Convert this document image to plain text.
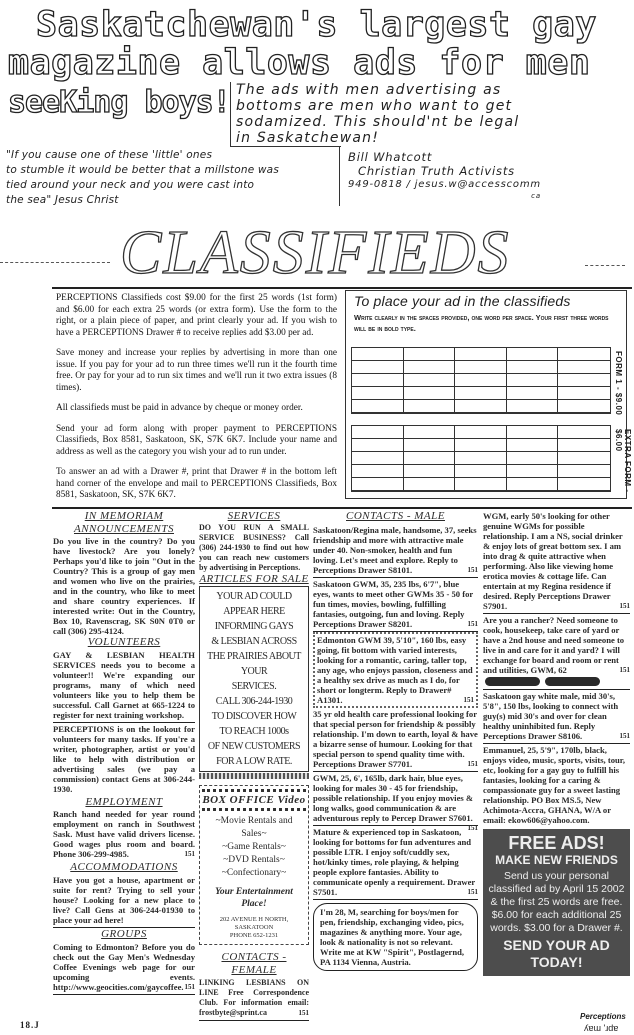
Saskatchewan's largest gay
magazine allows ads for men
seeKing boys! The ads with men advertising as
bottoms are men who want to get
sodamized. This should'nt be legal
in Saskatchewan!
"If you cause one of these 'little' ones
to stumble it would be better that a millstone was
tied around your neck and you were cast into
the sea" Jesus Christ
Bill Whatcott
Christian Truth Activists
949-0818 / jesus.w@accesscomm
ca
CLASSIFIEDS

PERCEPTIONS Classifieds cost $9.00 for the first 25 words (1st form) and $6.00 for each extra 25 words (or extra form). Use the form to the right, or a plain piece of paper, and print clearly your ad. If you wish to have a PERCEPTIONS Drawer # to receive replies add $3.00 per ad.

Save money and increase your replies by advertising in more than one issue. If you pay for your ad to run three times we'll run it the fourth time free. Or pay for your ad to run six times and we'll run it two extra issues (8 times).

All classifieds must be paid in advance by cheque or money order.

Send your ad form along with proper payment to PERCEPTIONS Classifieds, Box 8581, Saskatoon, SK, S7K 6K7. Include your name and address as well as the category you wish your ad to run under.

To answer an ad with a Drawer #, print that Drawer # in the bottom left hand corner of the envelope and mail to PERCEPTIONS Classifieds, Box 8581, Saskatoon, SK, S7K 6K7.

To place your ad in the classifieds
Write clearly in the spaces provided, one word per space. Your first three words will be in bold type.
FORM 1 - $9.00
EXTRA FORM - $6.00
IN MEMORIAM
ANNOUNCEMENTS

Do you live in the country? Do you have livestock? Are you lonely? Perhaps you'd like to join "Out in the Country? This is a group of gay men and women who live on the prairies, and in the country, who like to meet and share country experiences. If interested write: Out in the Country, Box 10, Ravenscrag, SK S0N 0T0 or call (306) 295-4124.

VOLUNTEERS

GAY & LESBIAN HEALTH SERVICES needs you to become a volunteer!! We're expanding our programs, many of which need volunteers like you to help them be successful. Call Garnet at 665-1224 to register for next training workshop.

PERCEPTIONS is on the lookout for volunteers for many tasks. If you're a writer, photographer, artist or you'd like to help with distribution or advertising sales (we pay a commission) contact Gens at 306-244-1930.

EMPLOYMENT

Ranch hand needed for year round employment on ranch in Southwest Sask. Must have valid drivers license. Good wages plus room and board. Phone 306-299-4985.	151

ACCOMMODATIONS

Have you got a house, apartment or suite for rent? Trying to sell your house? Looking for a new place to live? Call Gens at 306-244-01930 to place your ad here!

GROUPS

Coming to Edmonton? Before you do check out the Gay Men's Wednesday Coffee Evenings web page for our upcoming events. http://www.geocities.com/gaycoffee. 151

SERVICES

DO YOU RUN A SMALL SERVICE BUSINESS? Call (306) 244-1930 to find out how you can reach new customers by advertising in Perceptions.

ARTICLES FOR SALE
YOUR AD COULD
APPEAR HERE
INFORMING GAYS
& LESBIAN ACROSS
THE PRAIRIES ABOUT
YOUR
SERVICES.
CALL 306-244-1930
TO DISCOVER HOW
TO REACH 1000s
OF NEW CUSTOMERS
FOR A LOW RATE.
BOX OFFICE Video
~Movie Rentals and Sales~
~Game Rentals~
~DVD Rentals~
~Confectionary~
Your Entertainment Place!
202 AVENUE H NORTH, SASKATOON
PHONE 652-1231
CONTACTS - FEMALE

LINKING LESBIANS ON LINE Free Correspondence Club. For information email: frostbyte@sprint.ca	151

CONTACTS - MALE
Saskatoon/Regina male, handsome, 37, seeks friendship and more with attractive male under 40. Non-smoker, health and fun loving. Let's meet and explore. Reply to Perceptions Drawer S8101.	151
Saskatoon GWM, 35, 235 lbs, 6'7", blue eyes, wants to meet other GWMs 35 - 50 for fun times, movies, bowling, fulfilling fantasies, outgoing, fun and loving. Reply Perceptions Drawer S8201.	151
Edmonton GWM 39, 5'10", 160 lbs, easy going, fit bottom with varied interests, looking for a romantic, caring, taller top, any age, who enjoys passion, closeness and a healthy sex drive as much as I do, for short or longterm. Reply to Drawer# A1301.	151
35 yr old health care professional looking for that special person for friendship & possibly relationship. I'm down to earth, loyal & have a bizarre sense of humour. Looking for that special person to spend quality time with. Perceptions Drawer S7701.	151
GWM, 25, 6', 165lb, dark hair, blue eyes, looking for males 30 - 45 for friendship, possible relationship. If you enjoy movies & long walks, good communication & are adventurous reply to Percep Drawer S7601.
151
Mature & experienced top in Saskatoon, looking for bottoms for fun adventures and possible LTR. I enjoy soft/cuddly sex, hot/kinky times, role playing, & helping people explore fantasies. Ability to communicate openly a requirement. Drawer S7501.	151
I'm 28, M, searching for boys/men for pen, friendship, exchanging video, pics, magazines & anything more. Your age, look & nationality is not so relevant. Write me at KW "Spirit", Postlagernd, PA 1134 Vienna, Austria.
WGM, early 50's looking for other genuine WGMs for possible relationship. I am a NS, social drinker & enjoy lots of great bottom sex. I am into drag & quite attractive when performing. Also like viewing home erotica movies & cottage life. Can entertain at my Regina residence if desired. Reply Perceptions Drawer S7901.	151
Are you a rancher? Need someone to cook, housekeep, take care of yard or have a 2nd house and need someone to live in and care for it and yard? I will exchange for board and room or rent and utilities, GWM, 62	151
Saskatoon gay white male, mid 30's, 5'8", 150 lbs, looking to connect with guy(s) mid 30's and over for clean healthy uninhibited fun. Reply Perceptions Drawer S8106.	151
Emmanuel, 25, 5'9", 170lb, black, enjoys video, music, sports, visits, tour, etc, looking for a gay guy to fulfill his fantasies, looking for a caring & compassionate guy for a sweet lasting relationship. PO Box MS.5, New Achimota-Accra, GHANA, W/A or email: ekow606@yahoo.com.
FREE ADS!
MAKE NEW FRIENDS
Send us your personal classified ad by April 15 2002 & the first 25 words are free. $6.00 for each additional 25 words. $3.00 for a Drawer #.
SEND YOUR AD TODAY!
18.J
Perceptions
ʎɐɯ 'ɹdɐ
